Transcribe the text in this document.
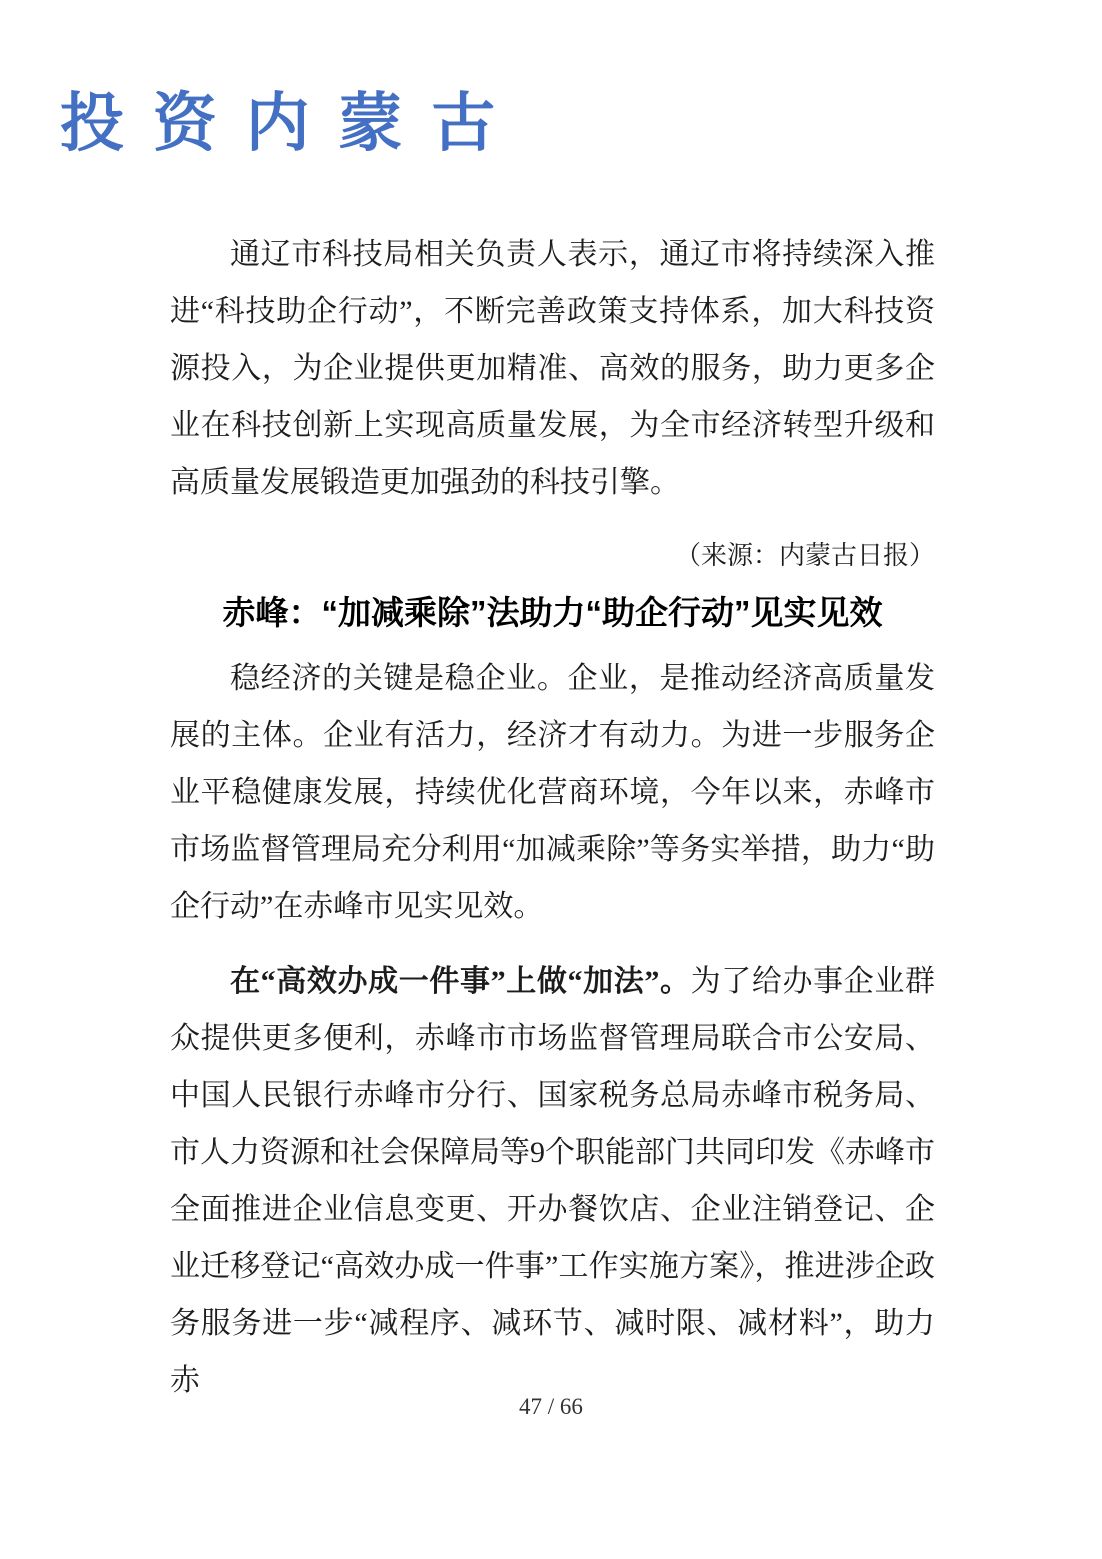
投 资 内 蒙 古

通辽市科技局相关负责人表示，通辽市将持续深入推进“科技助企行动”，不断完善政策支持体系，加大科技资源投入，为企业提供更加精准、高效的服务，助力更多企业在科技创新上实现高质量发展，为全市经济转型升级和高质量发展锻造更加强劲的科技引擎。

（来源：内蒙古日报）

赤峰：“加减乘除”法助力“助企行动”见实见效

稳经济的关键是稳企业。企业，是推动经济高质量发展的主体。企业有活力，经济才有动力。为进一步服务企业平稳健康发展，持续优化营商环境，今年以来，赤峰市市场监督管理局充分利用“加减乘除”等务实举措，助力“助企行动”在赤峰市见实见效。

在“高效办成一件事”上做“加法”。为了给办事企业群众提供更多便利，赤峰市市场监督管理局联合市公安局、中国人民银行赤峰市分行、国家税务总局赤峰市税务局、市人力资源和社会保障局等9个职能部门共同印发《赤峰市全面推进企业信息变更、开办餐饮店、企业注销登记、企业迁移登记“高效办成一件事”工作实施方案》，推进涉企政务服务进一步“减程序、减环节、减时限、减材料”，助力赤

47 / 66
